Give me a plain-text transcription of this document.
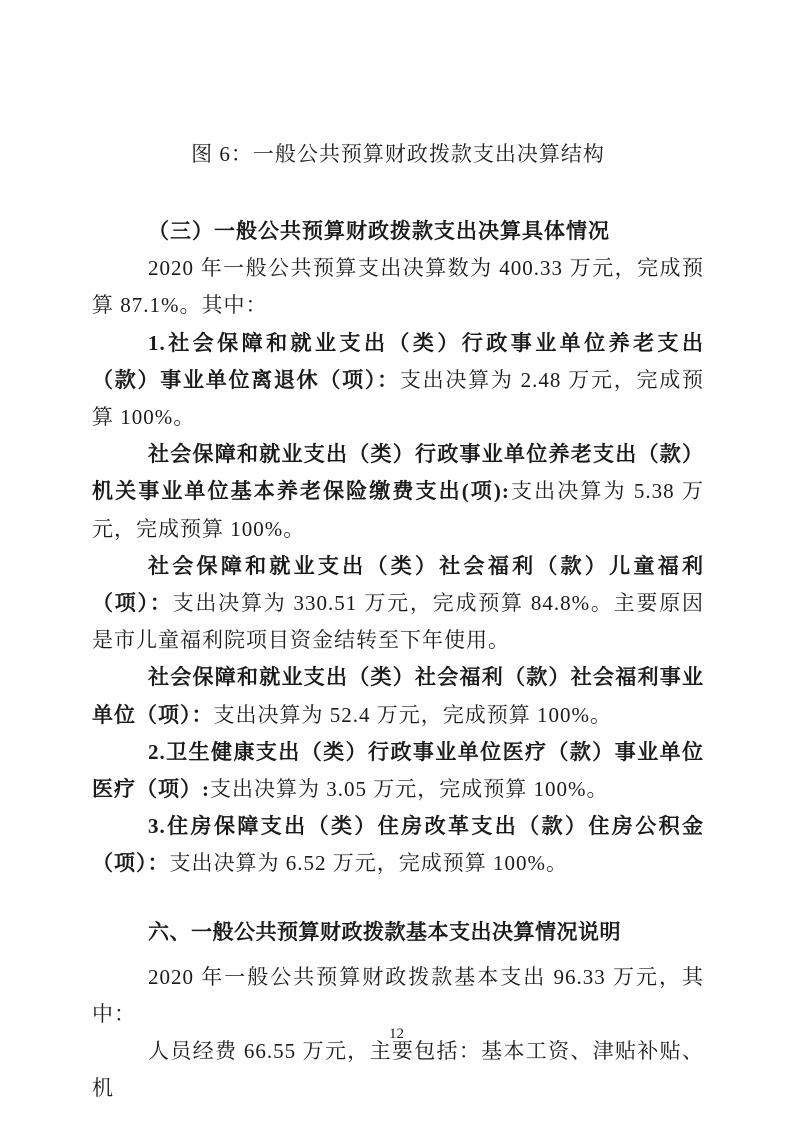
图 6：一般公共预算财政拨款支出决算结构

（三）一般公共预算财政拨款支出决算具体情况

2020 年一般公共预算支出决算数为 400.33 万元，完成预算 87.1%。其中：

1.社会保障和就业支出（类）行政事业单位养老支出（款）事业单位离退休（项）：支出决算为 2.48 万元，完成预算 100%。

社会保障和就业支出（类）行政事业单位养老支出（款）机关事业单位基本养老保险缴费支出(项):支出决算为 5.38 万元，完成预算 100%。

社会保障和就业支出（类）社会福利（款）儿童福利（项）：支出决算为 330.51 万元，完成预算 84.8%。主要原因是市儿童福利院项目资金结转至下年使用。

社会保障和就业支出（类）社会福利（款）社会福利事业单位（项）：支出决算为 52.4 万元，完成预算 100%。

2.卫生健康支出（类）行政事业单位医疗（款）事业单位医疗（项）:支出决算为 3.05 万元，完成预算 100%。

3.住房保障支出（类）住房改革支出（款）住房公积金（项）：支出决算为 6.52 万元，完成预算 100%。

六、一般公共预算财政拨款基本支出决算情况说明

2020 年一般公共预算财政拨款基本支出 96.33 万元，其中：

人员经费 66.55 万元，主要包括：基本工资、津贴补贴、机

12
